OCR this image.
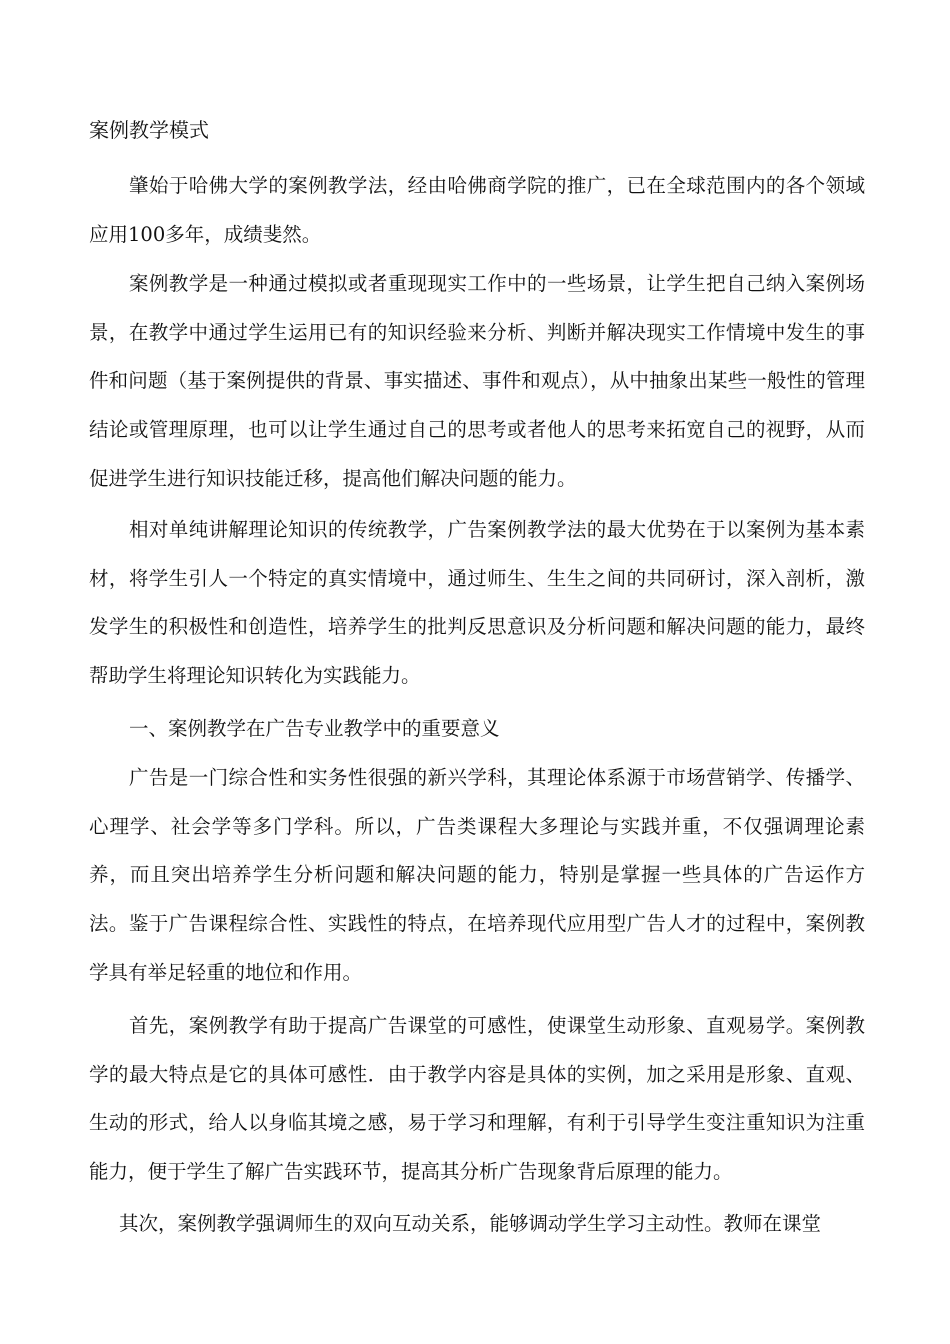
案例教学模式

肇始于哈佛大学的案例教学法，经由哈佛商学院的推广，已在全球范围内的各个领域应用100多年，成绩斐然。

案例教学是一种通过模拟或者重现现实工作中的一些场景，让学生把自己纳入案例场景，在教学中通过学生运用已有的知识经验来分析、判断并解决现实工作情境中发生的事件和问题（基于案例提供的背景、事实描述、事件和观点），从中抽象出某些一般性的管理结论或管理原理，也可以让学生通过自己的思考或者他人的思考来拓宽自己的视野，从而促进学生进行知识技能迁移，提高他们解决问题的能力。

相对单纯讲解理论知识的传统教学，广告案例教学法的最大优势在于以案例为基本素材，将学生引人一个特定的真实情境中，通过师生、生生之间的共同研讨，深入剖析，激发学生的积极性和创造性，培养学生的批判反思意识及分析问题和解决问题的能力，最终帮助学生将理论知识转化为实践能力。

一、案例教学在广告专业教学中的重要意义

广告是一门综合性和实务性很强的新兴学科，其理论体系源于市场营销学、传播学、心理学、社会学等多门学科。所以，广告类课程大多理论与实践并重，不仅强调理论素养，而且突出培养学生分析问题和解决问题的能力，特别是掌握一些具体的广告运作方法。鉴于广告课程综合性、实践性的特点，在培养现代应用型广告人才的过程中，案例教学具有举足轻重的地位和作用。

首先，案例教学有助于提高广告课堂的可感性，使课堂生动形象、直观易学。案例教学的最大特点是它的具体可感性．由于教学内容是具体的实例，加之采用是形象、直观、生动的形式，给人以身临其境之感，易于学习和理解，有利于引导学生变注重知识为注重能力，便于学生了解广告实践环节，提高其分析广告现象背后原理的能力。

其次，案例教学强调师生的双向互动关系，能够调动学生学习主动性。教师在课堂
